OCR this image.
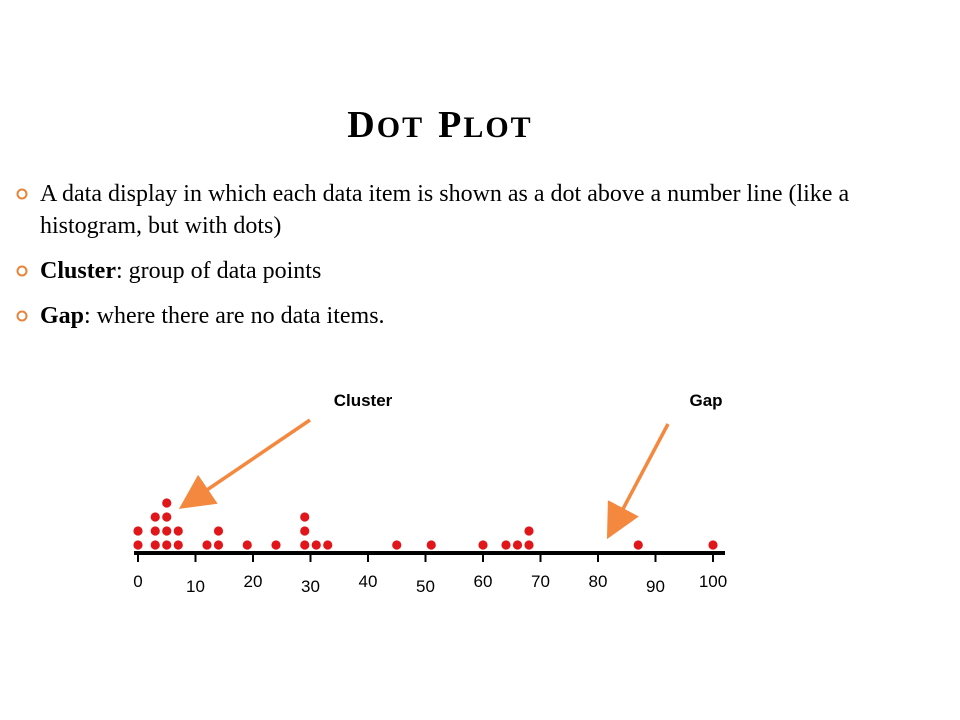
DOT PLOT
A data display in which each data item is shown as a dot above a number line (like a histogram, but with dots)
Cluster: group of data points
Gap: where there are no data items.
0	10 20 30 40 50 60 70 80 90 100
Cluster	Gap
